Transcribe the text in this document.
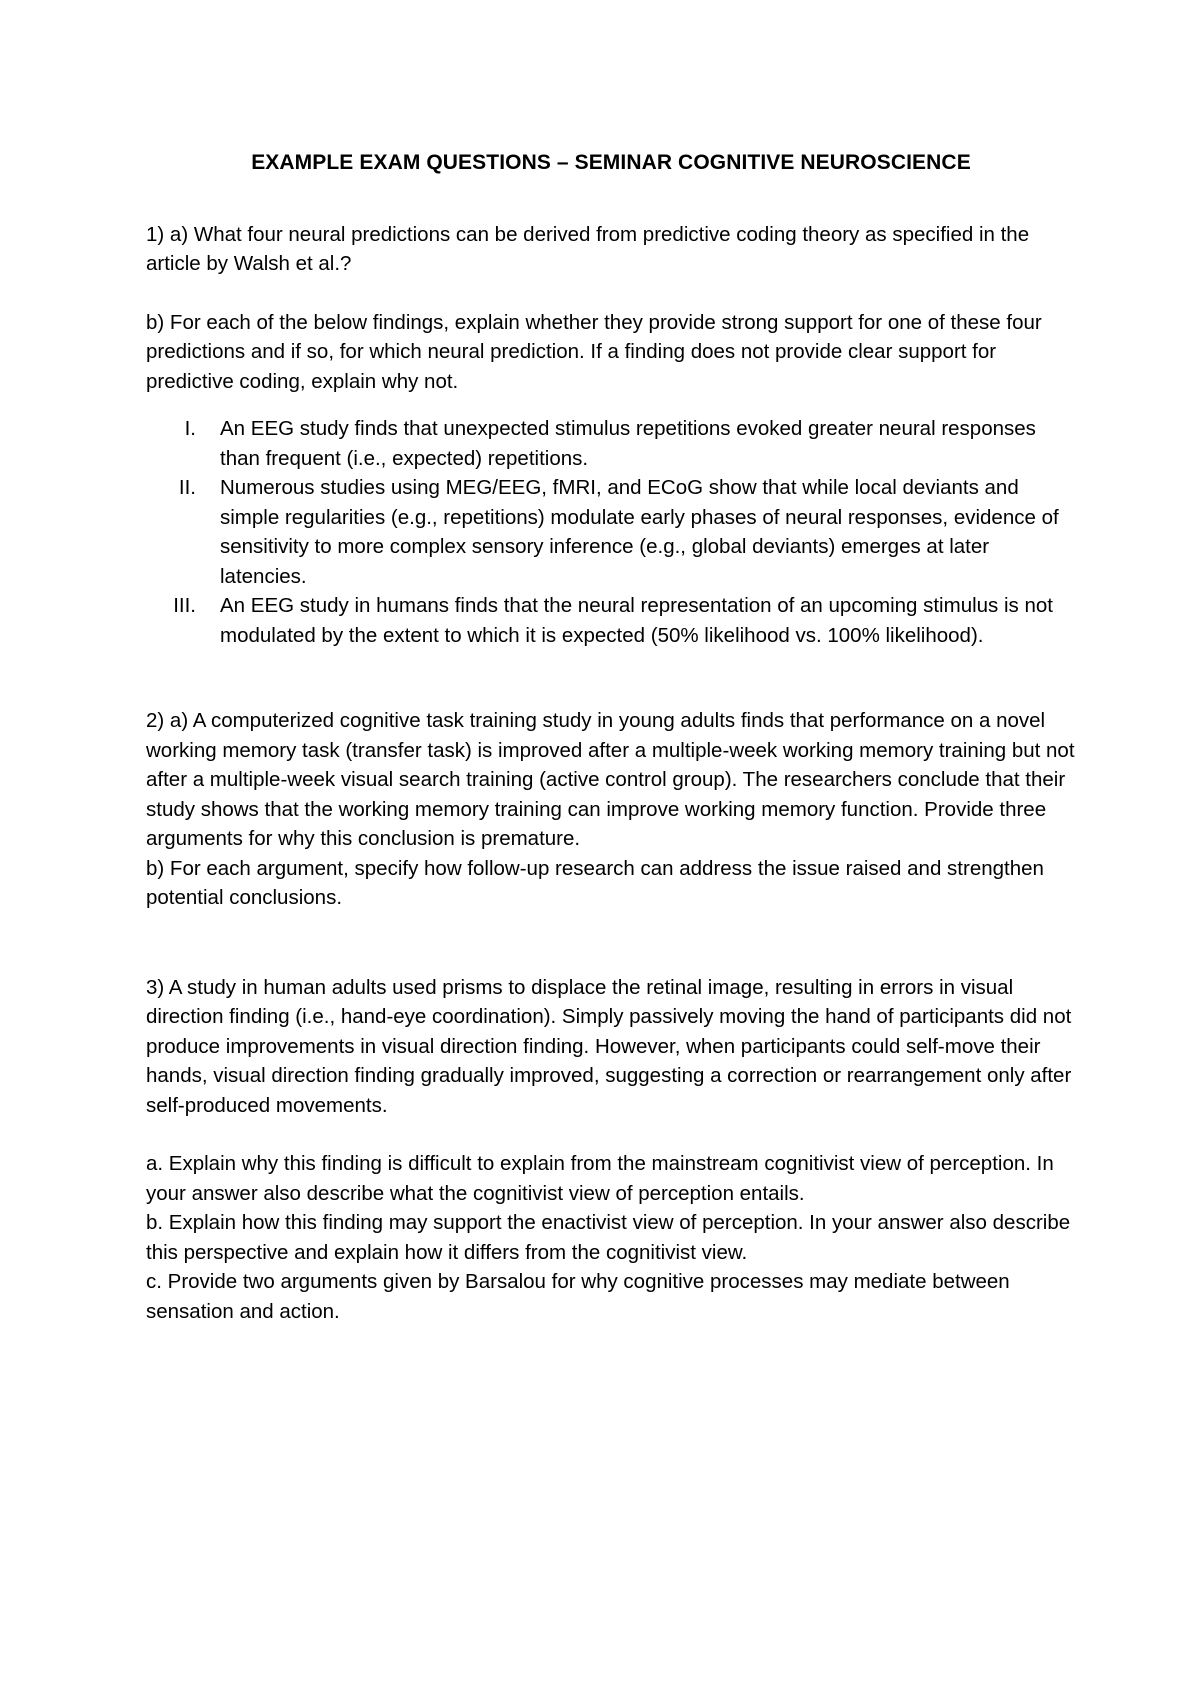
EXAMPLE EXAM QUESTIONS – SEMINAR COGNITIVE NEUROSCIENCE

1) a) What four neural predictions can be derived from predictive coding theory as specified in the article by Walsh et al.?

b) For each of the below findings, explain whether they provide strong support for one of these four predictions and if so, for which neural prediction. If a finding does not provide clear support for predictive coding, explain why not.

I. An EEG study finds that unexpected stimulus repetitions evoked greater neural responses than frequent (i.e., expected) repetitions.
II. Numerous studies using MEG/EEG, fMRI, and ECoG show that while local deviants and simple regularities (e.g., repetitions) modulate early phases of neural responses, evidence of sensitivity to more complex sensory inference (e.g., global deviants) emerges at later latencies.
III. An EEG study in humans finds that the neural representation of an upcoming stimulus is not modulated by the extent to which it is expected (50% likelihood vs. 100% likelihood).

2) a) A computerized cognitive task training study in young adults finds that performance on a novel working memory task (transfer task) is improved after a multiple-week working memory training but not after a multiple-week visual search training (active control group). The researchers conclude that their study shows that the working memory training can improve working memory function. Provide three arguments for why this conclusion is premature.

b) For each argument, specify how follow-up research can address the issue raised and strengthen potential conclusions.

3) A study in human adults used prisms to displace the retinal image, resulting in errors in visual direction finding (i.e., hand-eye coordination). Simply passively moving the hand of participants did not produce improvements in visual direction finding. However, when participants could self-move their hands, visual direction finding gradually improved, suggesting a correction or rearrangement only after self-produced movements.

a. Explain why this finding is difficult to explain from the mainstream cognitivist view of perception. In your answer also describe what the cognitivist view of perception entails.

b. Explain how this finding may support the enactivist view of perception. In your answer also describe this perspective and explain how it differs from the cognitivist view.

c. Provide two arguments given by Barsalou for why cognitive processes may mediate between sensation and action.
